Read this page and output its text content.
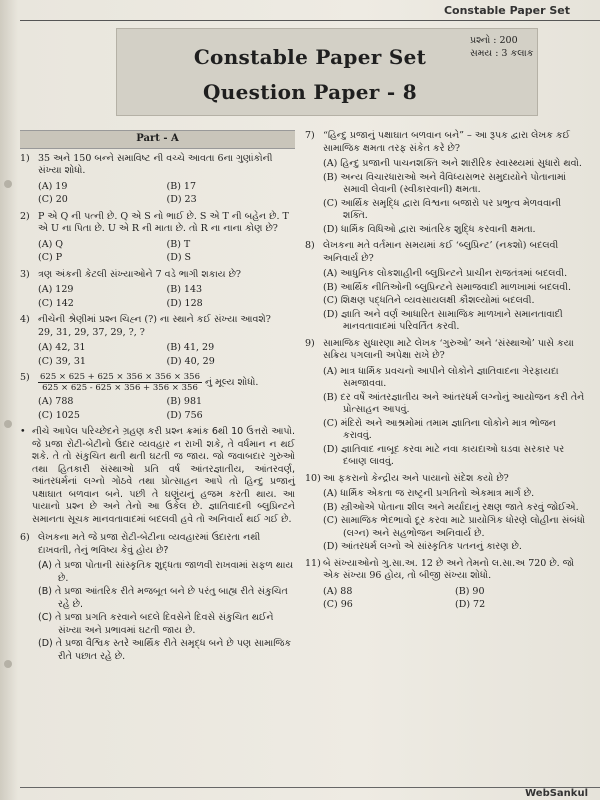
Constable Paper Set
પ્રશ્નો : 200
સમય : 3 કલાક
Constable Paper Set
Question Paper - 8
Part - A
1) 35 અને 150 બન્ને સમાવિષ્ટ ની વચ્ચે આવતા 6ના ગુણાંકોની સંખ્યા શોધો.
(A) 19	(B) 17
(C) 20	(D) 23
2) P એ Q ની પત્ની છે. Q એ S નો ભાઈ છે. S એ T ની બહેન છે. T એ U ના પિતા છે. U એ R ની માતા છે. તો R ના નાના કોણ છે?
(A) Q	(B) T
(C) P	(D) S
3) ત્રણ અંકની કેટલી સંખ્યાઓને 7 વડે ભાગી શકાય છે?
(A) 129	(B) 143
(C) 142	(D) 128
4) નીચેની શ્રેણીમાં પ્રશ્ન ચિહ્ન (?) ના સ્થાને કઈ સંખ્યા આવશે?
29, 31, 29, 37, 29, ?, ?
(A) 42, 31	(B) 41, 29
(C) 39, 31	(D) 40, 29
$5) \frac{625 \times 625 + 625 \times 356 \times 356 \times 356}{625 \times 625 - 625 \times 356 + 356 \times 356}$ નું મૂલ્ય શોધો.
(A) 788	(B) 981
(C) 1025	(D) 756
• નીચે આપેલ પરિચ્છેદને ગ્રહણ કરી પ્રશ્ન ક્રમાંક 6થી 10 ઉત્તરો આપો. જે પ્રજા રોટી-બેટીનો ઉદાર વ્યવહાર ન રાખી શકે, તે વર્ધમાન ન થઈ શકે. તે તો સંકુચિત થતી થતી ઘટતી જ જાય. જો જવાબદાર ગુરુઓ તથા હિતકારી સંસ્થાઓ પ્રતિ વર્ષ આંતરજ્ઞાતીય, આંતરવર્ણ, આંતરધર્મનાં લગ્નો ગોઠવે તથા પ્રોત્સાહન આપે તો હિન્દુ પ્રજાનું પક્ષાઘાત બળવાન બને. પછી તે ઘણુંયનું હજમ કરતી થાય. આ પાયાનો પ્રશ્ન છે અને તેનો આ ઉકેલ છે. જ્ઞાતિવાદની બ્લુપ્રિન્ટને સમાનતા સૂચક માનવતાવાદમાં બદલવી હવે તો અનિવાર્ય થઈ ગઈ છે.
6) લેખકના મતે જે પ્રજા રોટી-બેટીના વ્યવહારમાં ઉદારતા નથી દાખવતી, તેનું ભવિષ્ય કેવું હોય છે?
(A) તે પ્રજા પોતાની સાંસ્કૃતિક શુદ્ધતા જાળવી રાખવામાં સફળ થાય છે.
(B) તે પ્રજા આંતરિક રીતે મજબૂત બને છે પરંતુ બાહ્ય રીતે સંકુચિત રહે છે.
(C) તે પ્રજા પ્રગતિ કરવાને બદલે દિવસેને દિવસે સંકુચિત થઈને સંખ્યા અને પ્રભાવમાં ઘટતી જાય છે.
(D) તે પ્રજા વૈશ્વિક સ્તરે આર્થિક રીતે સમૃદ્ધ બને છે પણ સામાજિક રીતે પછાત રહે છે.
7) “હિન્દુ પ્રજાનું પક્ષાઘાત બળવાન બને” – આ રૂપક દ્વારા લેખક કઈ સામાજિક ક્ષમતા તરફ સંકેત કરે છે?
(A) હિન્દુ પ્રજાની પાચનશક્તિ અને શારીરિક સ્વાસ્થ્યમાં સુધારો થવો.
(B) અન્ય વિચારધારાઓ અને વૈવિધ્યસભર સમુદાયોને પોતાનામાં સમાવી લેવાની (સ્વીકારવાની) ક્ષમતા.
(C) આર્થિક સમૃદ્ધિ દ્વારા વિશ્વના બજારો પર પ્રભુત્વ મેળવવાની શક્તિ.
(D) ધાર્મિક વિધિઓ દ્વારા આંતરિક શુદ્ધિ કરવાની ક્ષમતા.
8) લેખકના મતે વર્તમાન સમયમાં કઈ ‘બ્લુપ્રિન્ટ’ (નકશો) બદલવી અનિવાર્ય છે?
(A) આધુનિક લોકશાહીની બ્લુપ્રિન્ટને પ્રાચીન રાજતંત્રમાં બદલવી.
(B) આર્થિક નીતિઓની બ્લુપ્રિન્ટને સમાજવાદી માળખામાં બદલવી.
(C) શિક્ષણ પદ્ધતિને વ્યવસાયલક્ષી કૌશલ્યોમાં બદલવી.
(D) જ્ઞાતિ અને વર્ણ આધારિત સામાજિક માળખાને સમાનતાવાદી માનવતાવાદમાં પરિવર્તિત કરવી.
9) સામાજિક સુધારણા માટે લેખક ‘ગુરુઓ’ અને ‘સંસ્થાઓ’ પાસે કયા સક્રિય પગલાની અપેક્ષા રાખે છે?
(A) માત્ર ધાર્મિક પ્રવચનો આપીને લોકોને જ્ઞાતિવાદના ગેરફાયદા સમજાવવા.
(B) દર વર્ષે આંતરજ્ઞાતીય અને આંતરધર્મ લગ્નોનું આયોજન કરી તેને પ્રોત્સાહન આપવું.
(C) મંદિરો અને આશ્રમોમાં તમામ જ્ઞાતિના લોકોને માત્ર ભોજન કરાવવું.
(D) જ્ઞાતિવાદ નાબૂદ કરવા માટે નવા કાયદાઓ ઘડવા સરકાર પર દબાણ લાવવું.
10) આ ફકરાનો કેન્દ્રીય અને પાયાનો સંદેશ કયો છે?
(A) ધાર્મિક એકતા જ રાષ્ટ્રની પ્રગતિનો એકમાત્ર માર્ગ છે.
(B) સ્ત્રીઓએ પોતાના શીલ અને મર્યાદાનું રક્ષણ જાતે કરવું જોઈએ.
(C) સામાજિક ભેદભાવો દૂર કરવા માટે પ્રાયોગિક ધોરણે લોહીના સંબંધો (લગ્ન) અને સહભોજન અનિવાર્ય છે.
(D) આંતરધર્મ લગ્નો એ સાંસ્કૃતિક પતનનું કારણ છે.
11) બે સંખ્યાઓનો ગુ.સા.અ. 12 છે અને તેમનો લ.સા.અ 720 છે. જો એક સંખ્યા 96 હોય, તો બીજી સંખ્યા શોધો.
(A) 88	(B) 90
(C) 96	(D) 72
WebSankul
